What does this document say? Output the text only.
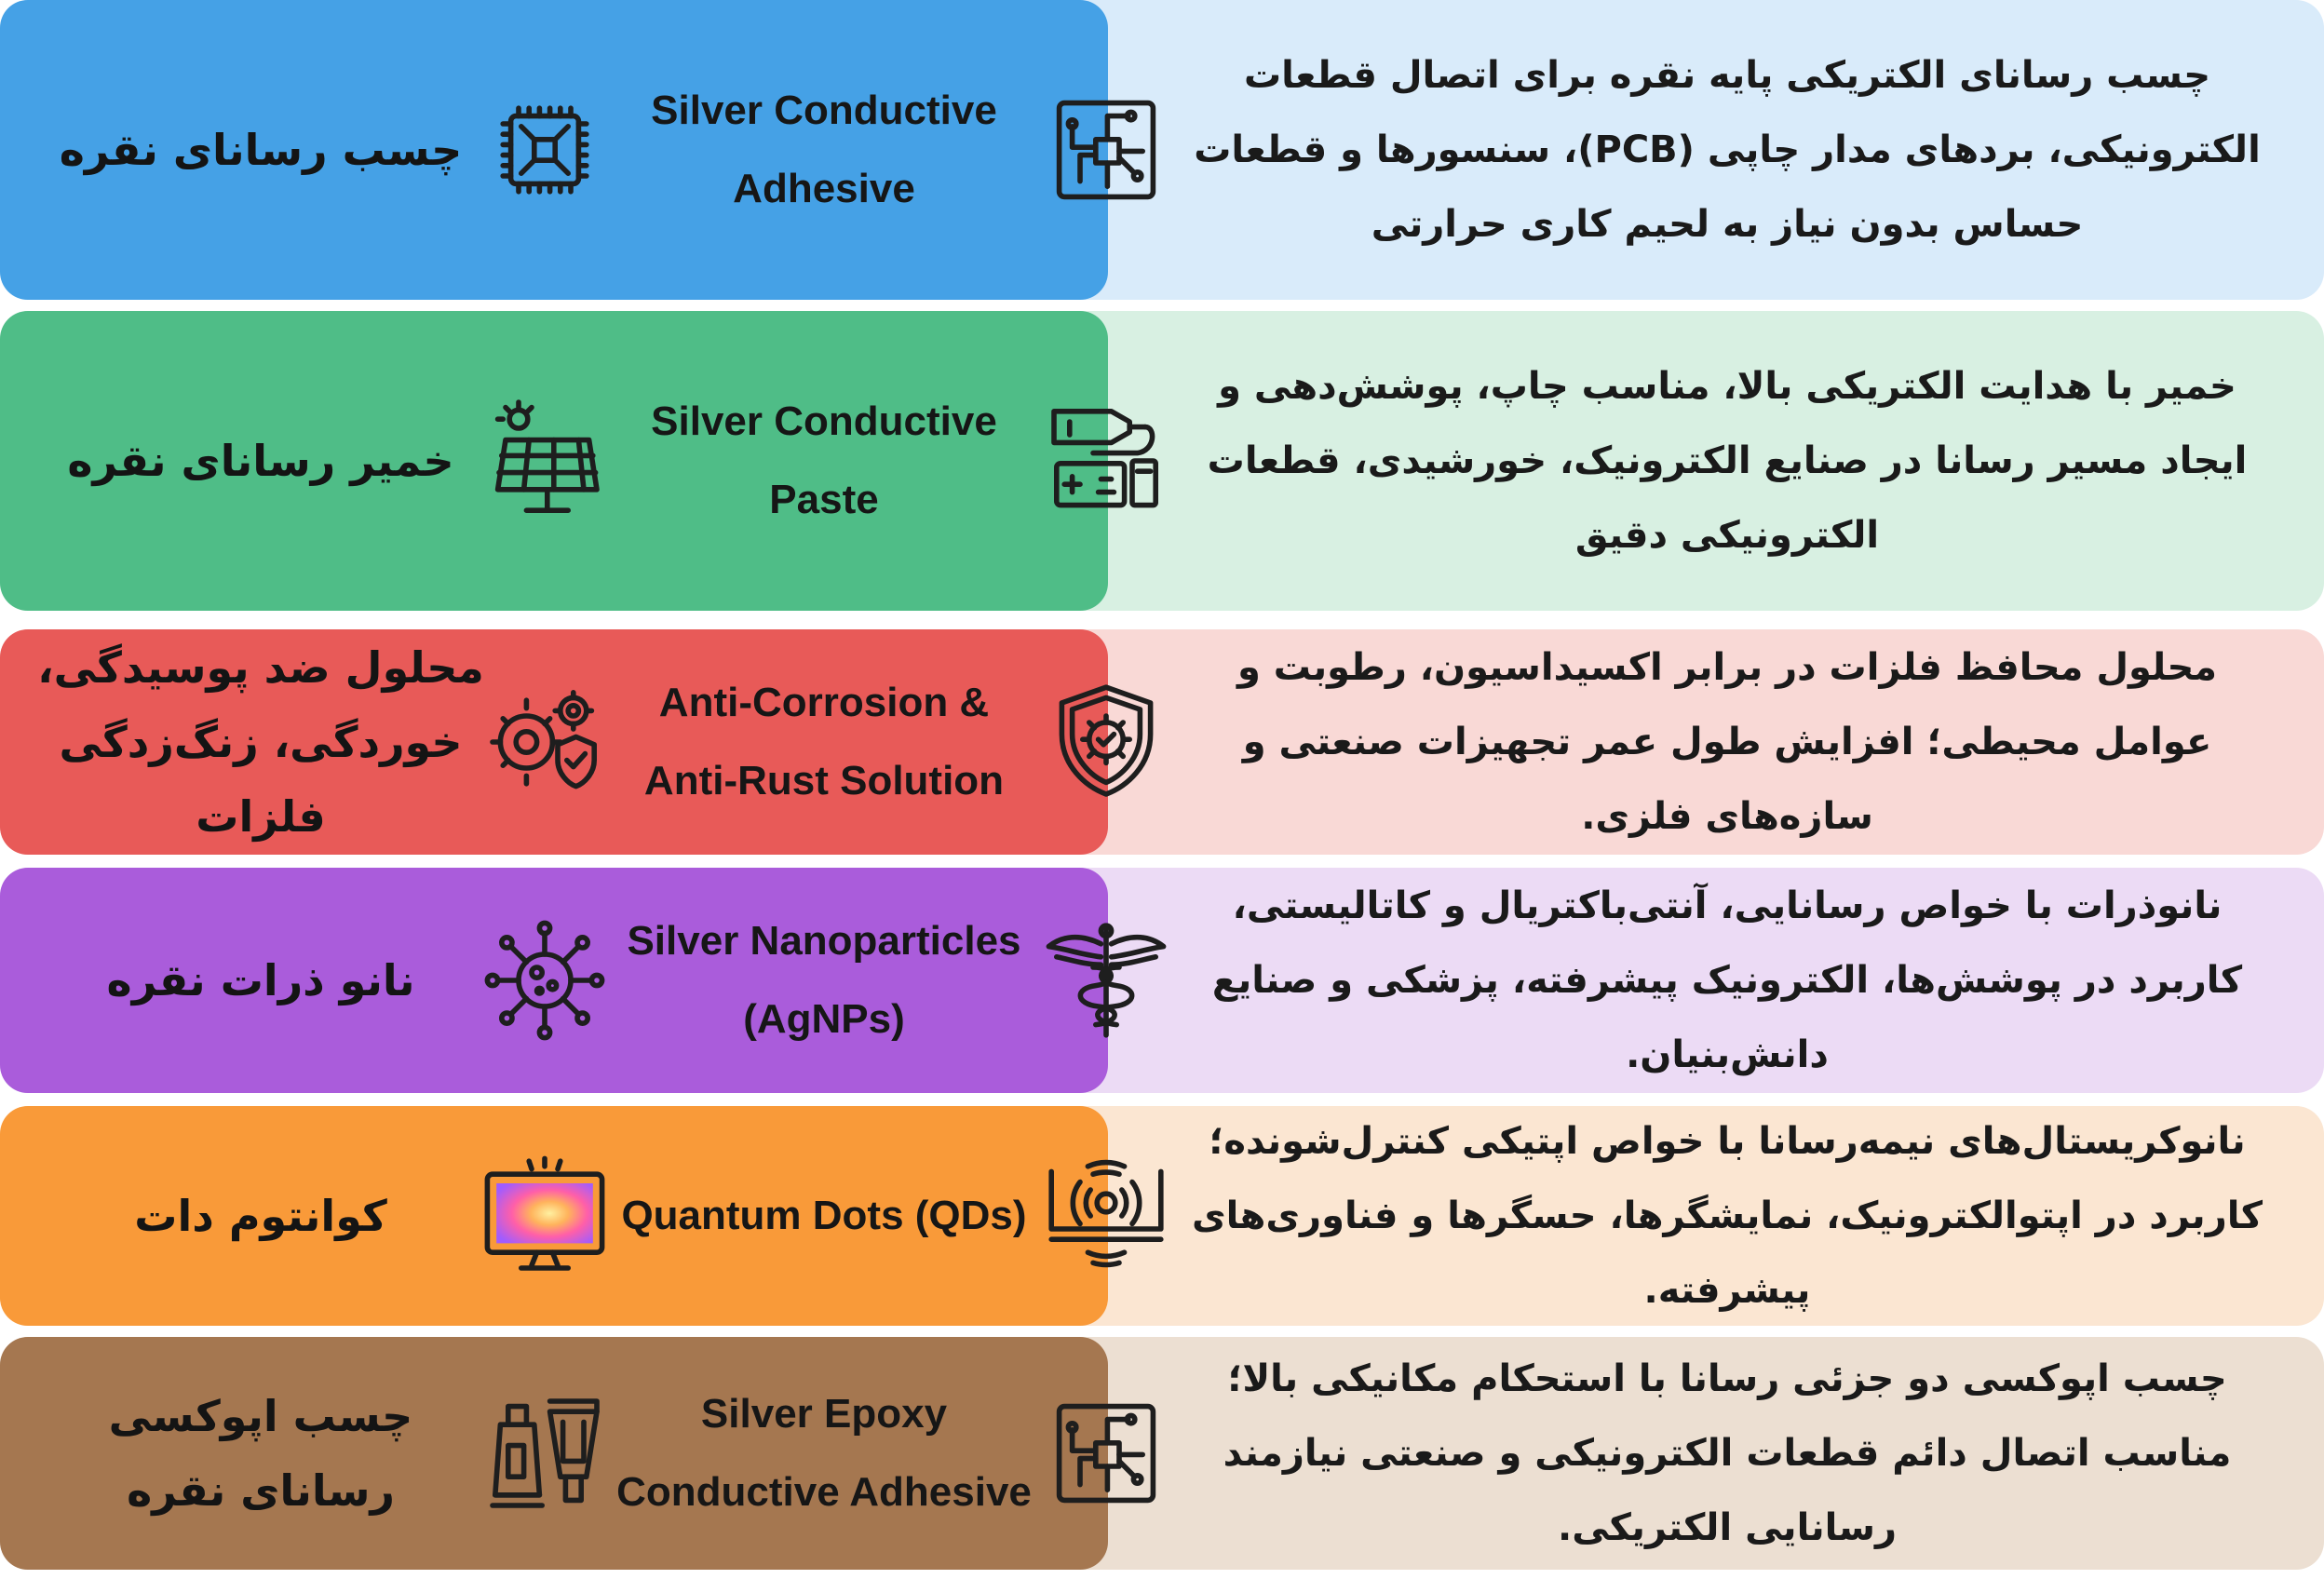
چسب رسانای نقره
Silver Conductive Adhesive
چسب رسانای الکتریکی پایه نقره برای اتصال قطعات الکترونیکی، بردهای مدار چاپی (PCB)، سنسورها و قطعات حساس بدون نیاز به لحیم کاری حرارتی
خمیر رسانای نقره
Silver Conductive Paste
خمیر با هدایت الکتریکی بالا، مناسب چاپ، پوشش‌دهی و ایجاد مسیر رسانا در صنایع الکترونیک، خورشیدی، قطعات الکترونیکی دقیق
محلول ضد پوسیدگی، خوردگی، زنگ‌زدگی فلزات
Anti-Corrosion & Anti-Rust Solution
محلول محافظ فلزات در برابر اکسیداسیون، رطوبت و عوامل محیطی؛ افزایش طول عمر تجهیزات صنعتی و سازه‌های فلزی.
نانو ذرات نقره
Silver Nanoparticles (AgNPs)
نانوذرات با خواص رسانایی، آنتی‌باکتریال و کاتالیستی، کاربرد در پوشش‌ها، الکترونیک پیشرفته، پزشکی و صنایع دانش‌بنیان.
کوانتوم دات	Quantum Dots (QDs)
نانوکریستال‌های نیمه‌رسانا با خواص اپتیکی کنترل‌شونده؛ کاربرد در اپتوالکترونیک، نمایشگرها، حسگرها و فناوری‌های پیشرفته.
چسب اپوکسی رسانای نقره
Silver Epoxy Conductive Adhesive
چسب اپوکسی دو جزئی رسانا با استحکام مکانیکی بالا؛ مناسب اتصال دائم قطعات الکترونیکی و صنعتی نیازمند رسانایی الکتریکی.
